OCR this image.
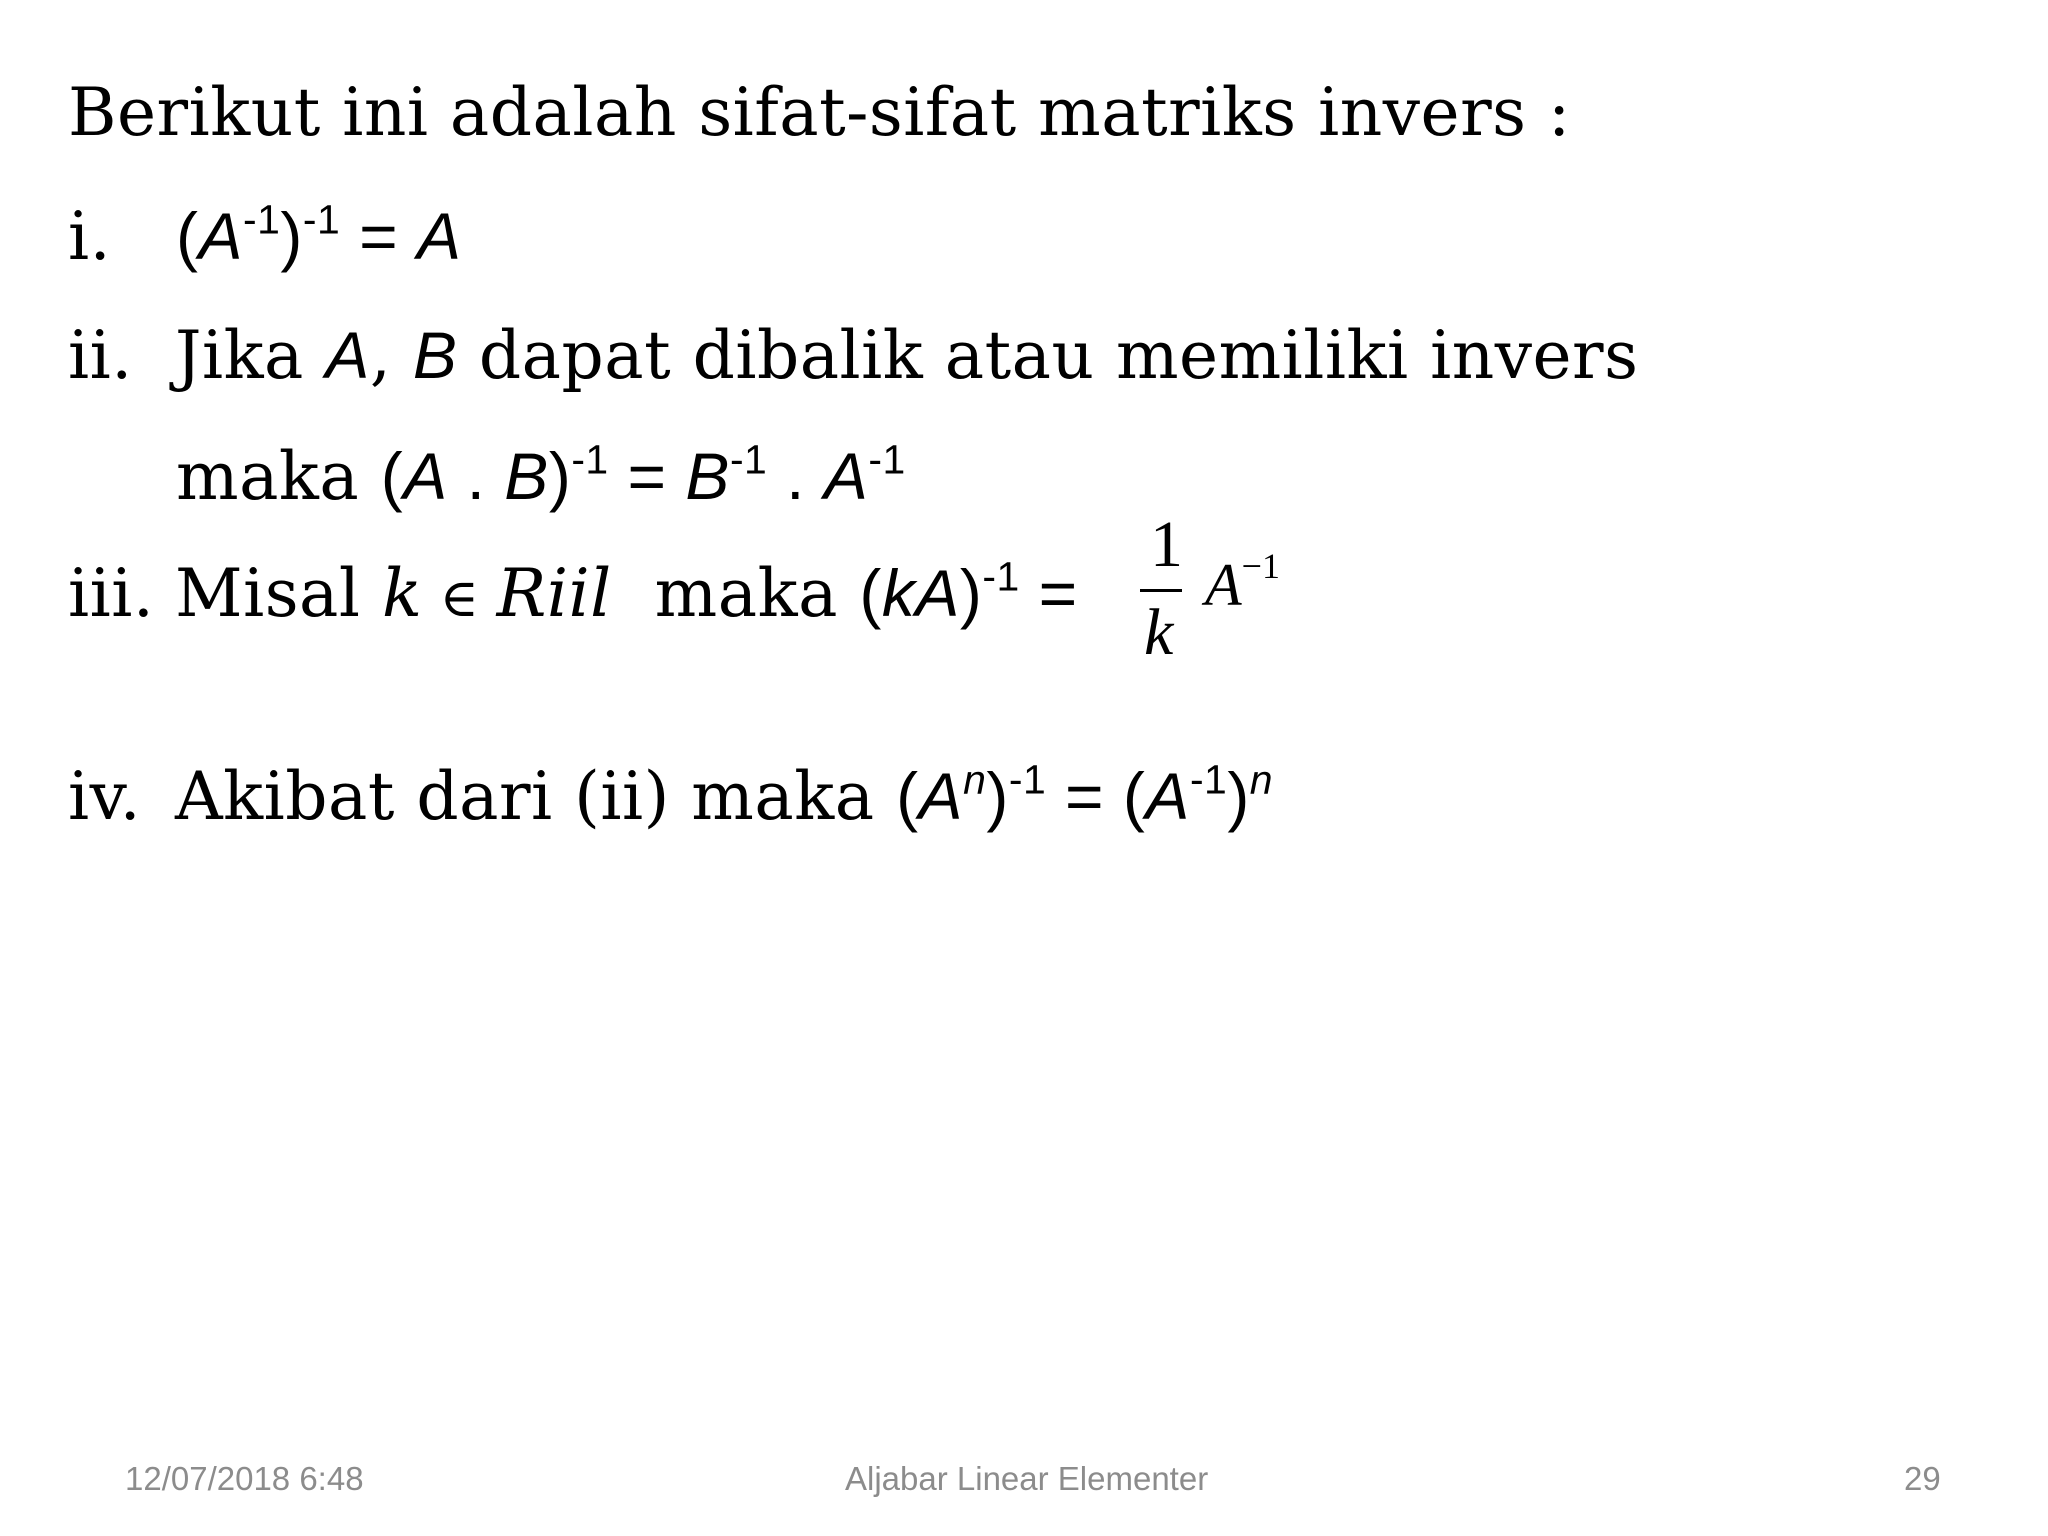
Berikut ini adalah sifat-sifat matriks invers :
i. $(A^{-1})^{-1} = A$
ii. Jika A, B dapat dibalik atau memiliki invers
maka (A . $B)^{-1} = B^{-1}$ . $A^{-1}$
iii. Misal k ∈ Riil  maka (kA)$^{-1}$ =
1
k
$A^{-1}$
iv. Akibat dari (ii) maka $(A^n)^{-1} = (A^{-1})^n$
12/07/2018 6:48	Aljabar Linear Elementer	29
